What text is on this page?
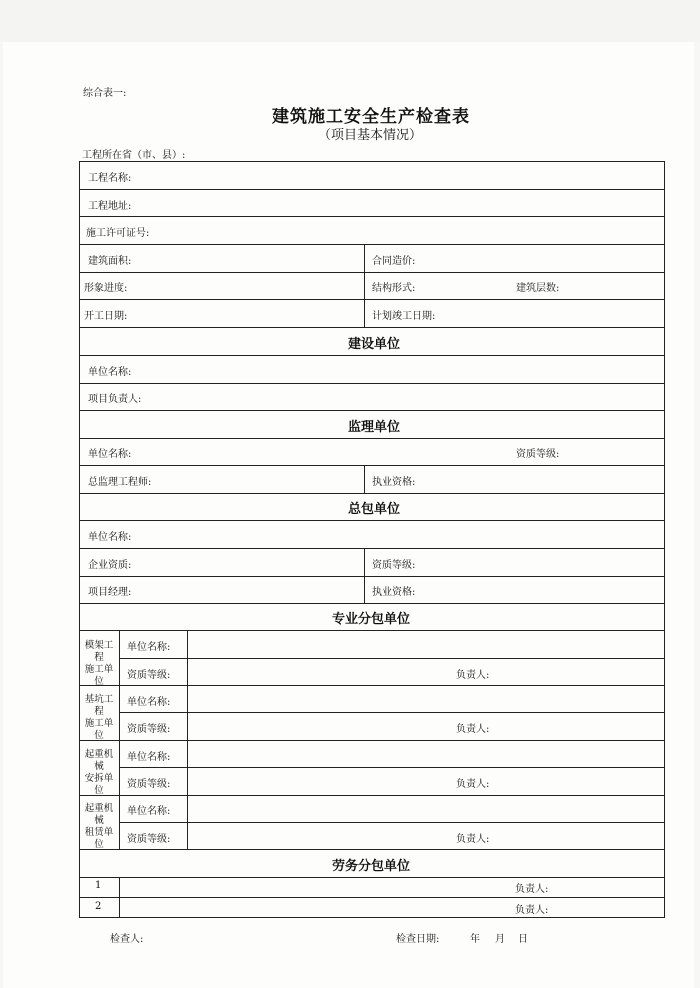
综合表一:
建筑施工安全生产检查表
（项目基本情况）
工程所在省（市、县）:
工程名称:
工程地址:
施工许可证号:
建筑面积:	合同造价:
形象进度:	结构形式:	建筑层数:
开工日期:	计划竣工日期:
建设单位
单位名称:
项目负责人:
监理单位
单位名称:	资质等级:
总监理工程师:	执业资格:
总包单位
单位名称:
企业资质:	资质等级:
项目经理:	执业资格:
专业分包单位
模架工程
施工单位
单位名称:
资质等级:	负责人:
基坑工程
施工单位
单位名称:
资质等级:	负责人:
起重机械
安拆单位
单位名称:
资质等级:	负责人:
起重机械
租赁单位
单位名称:
资质等级:	负责人:
劳务分包单位
1	负责人:
2	负责人:
检查人:	检查日期:	年 月 日
